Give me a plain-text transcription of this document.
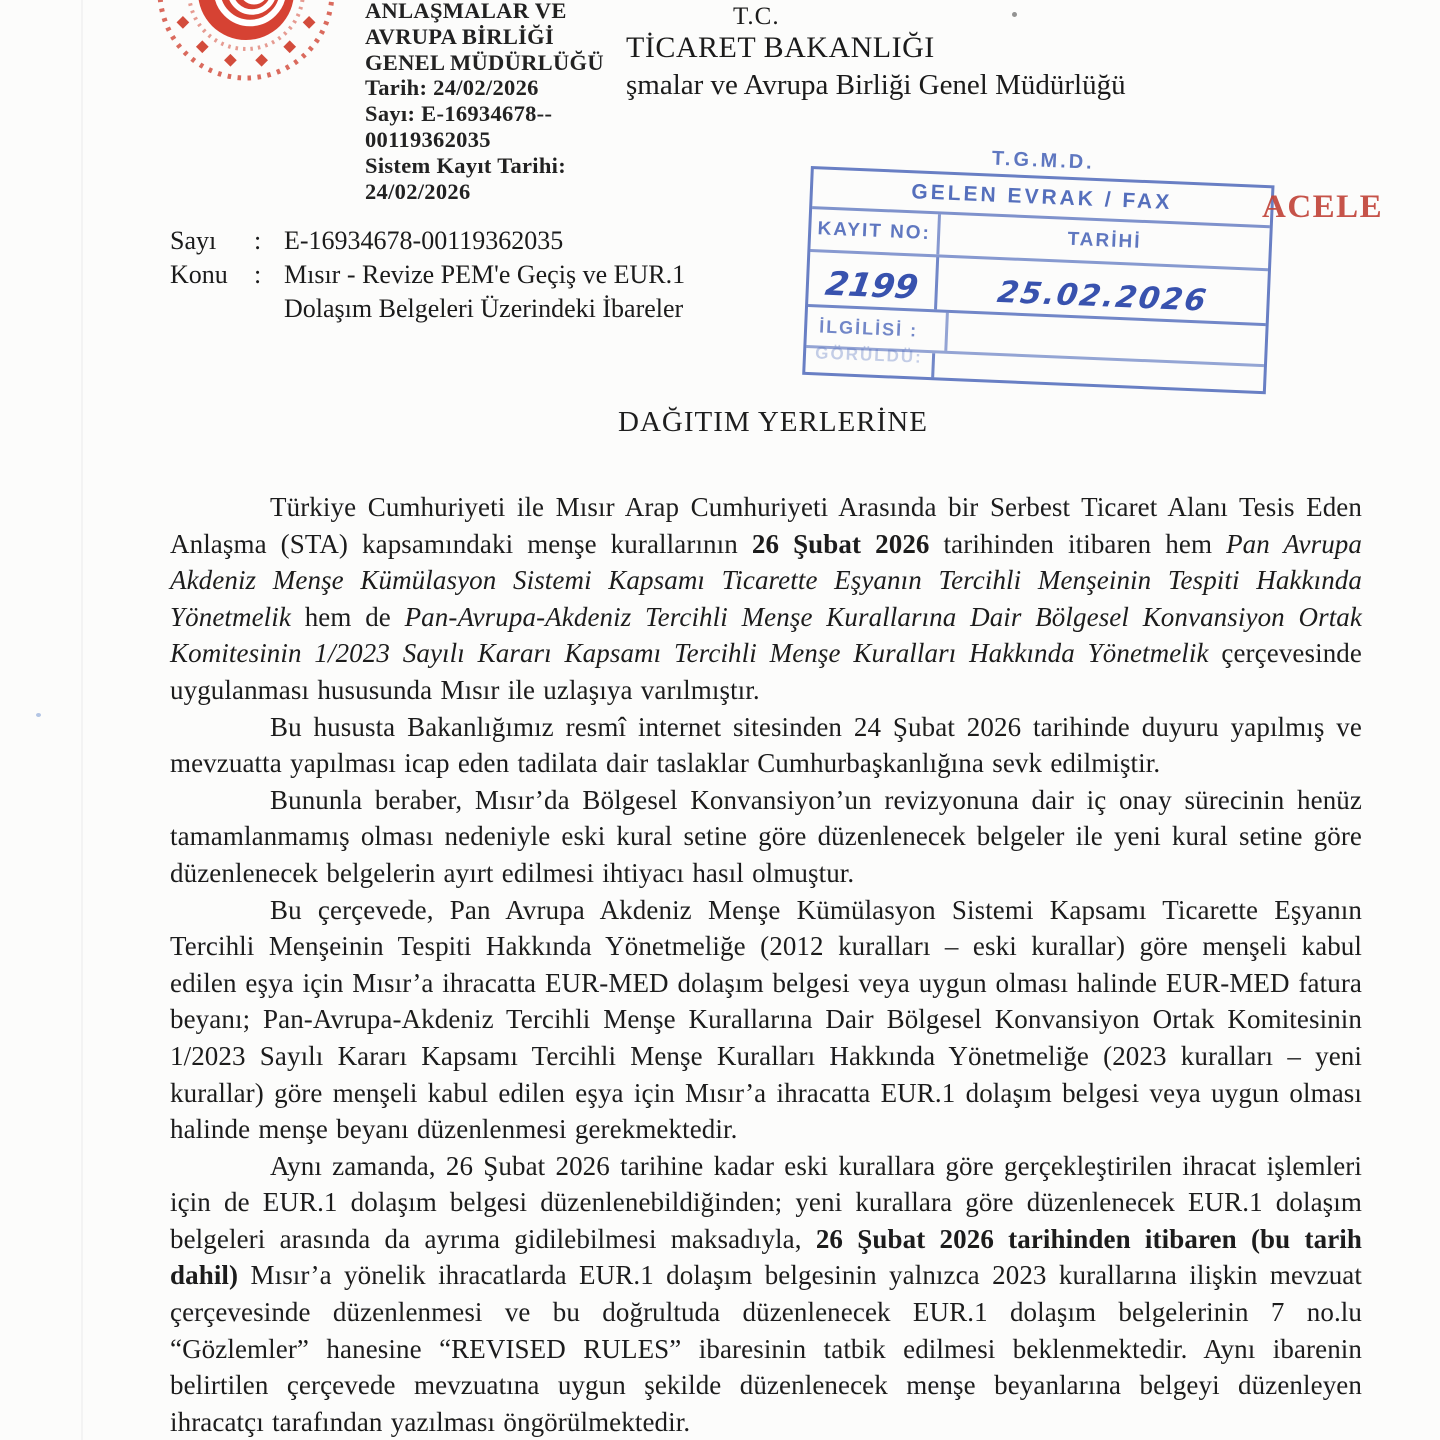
ANLAŞMALAR VE
AVRUPA BİRLİĞİ
GENEL MÜDÜRLÜĞÜ
Tarih: 24/02/2026
Sayı: E-16934678--
00119362035
Sistem Kayıt Tarihi:
24/02/2026
T.C.
TİCARET BAKANLIĞI
şmalar ve Avrupa Birliği Genel Müdürlüğü
Sayı	: E-16934678-00119362035
Konu	: Mısır - Revize PEM'e Geçiş ve EUR.1
Dolaşım Belgeleri Üzerindeki İbareler
T.G.M.D.
GELEN EVRAK / FAX
KAYIT NO:	TARİHİ
2199 25.02.2026
İLGİLİSİ :
GÖRÜLDÜ:
ACELE
DAĞITIM YERLERİNE

Türkiye Cumhuriyeti ile Mısır Arap Cumhuriyeti Arasında bir Serbest Ticaret Alanı Tesis Eden Anlaşma (STA) kapsamındaki menşe kurallarının 26 Şubat 2026 tarihinden itibaren hem Pan Avrupa Akdeniz Menşe Kümülasyon Sistemi Kapsamı Ticarette Eşyanın Tercihli Menşeinin Tespiti Hakkında Yönetmelik hem de Pan-Avrupa-Akdeniz Tercihli Menşe Kurallarına Dair Bölgesel Konvansiyon Ortak Komitesinin 1/2023 Sayılı Kararı Kapsamı Tercihli Menşe Kuralları Hakkında Yönetmelik çerçevesinde uygulanması hususunda Mısır ile uzlaşıya varılmıştır.

Bu hususta Bakanlığımız resmî internet sitesinden 24 Şubat 2026 tarihinde duyuru yapılmış ve mevzuatta yapılması icap eden tadilata dair taslaklar Cumhurbaşkanlığına sevk edilmiştir.

Bununla beraber, Mısır’da Bölgesel Konvansiyon’un revizyonuna dair iç onay sürecinin henüz tamamlanmamış olması nedeniyle eski kural setine göre düzenlenecek belgeler ile yeni kural setine göre düzenlenecek belgelerin ayırt edilmesi ihtiyacı hasıl olmuştur.

Bu çerçevede, Pan Avrupa Akdeniz Menşe Kümülasyon Sistemi Kapsamı Ticarette Eşyanın Tercihli Menşeinin Tespiti Hakkında Yönetmeliğe (2012 kuralları – eski kurallar) göre menşeli kabul edilen eşya için Mısır’a ihracatta EUR-MED dolaşım belgesi veya uygun olması halinde EUR-MED fatura beyanı; Pan-Avrupa-Akdeniz Tercihli Menşe Kurallarına Dair Bölgesel Konvansiyon Ortak Komitesinin 1/2023 Sayılı Kararı Kapsamı Tercihli Menşe Kuralları Hakkında Yönetmeliğe (2023 kuralları – yeni kurallar) göre menşeli kabul edilen eşya için Mısır’a ihracatta EUR.1 dolaşım belgesi veya uygun olması halinde menşe beyanı düzenlenmesi gerekmektedir.

Aynı zamanda, 26 Şubat 2026 tarihine kadar eski kurallara göre gerçekleştirilen ihracat işlemleri için de EUR.1 dolaşım belgesi düzenlenebildiğinden; yeni kurallara göre düzenlenecek EUR.1 dolaşım belgeleri arasında da ayrıma gidilebilmesi maksadıyla, 26 Şubat 2026 tarihinden itibaren (bu tarih dahil) Mısır’a yönelik ihracatlarda EUR.1 dolaşım belgesinin yalnızca 2023 kurallarına ilişkin mevzuat çerçevesinde düzenlenmesi ve bu doğrultuda düzenlenecek EUR.1 dolaşım belgelerinin 7 no.lu “Gözlemler” hanesine “REVISED RULES” ibaresinin tatbik edilmesi beklenmektedir. Aynı ibarenin belirtilen çerçevede mevzuatına uygun şekilde düzenlenecek menşe beyanlarına belgeyi düzenleyen ihracatçı tarafından yazılması öngörülmektedir.
